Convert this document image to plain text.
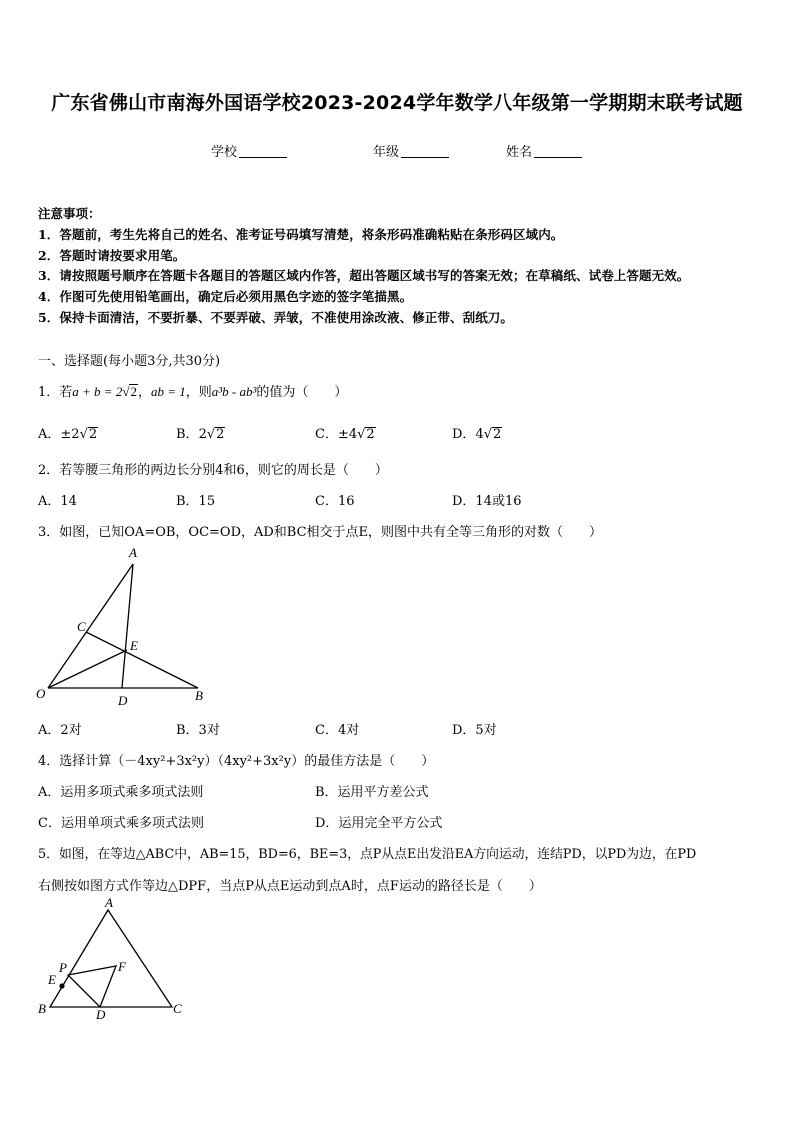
广东省佛山市南海外国语学校2023-2024学年数学八年级第一学期期末联考试题
学校	年级	姓名
注意事项：
1．答题前，考生先将自己的姓名、准考证号码填写清楚，将条形码准确粘贴在条形码区域内。
2．答题时请按要求用笔。
3．请按照题号顺序在答题卡各题目的答题区域内作答，超出答题区域书写的答案无效；在草稿纸、试卷上答题无效。
4．作图可先使用铅笔画出，确定后必须用黑色字迹的签字笔描黑。
5．保持卡面清洁，不要折暴、不要弄破、弄皱，不准使用涂改液、修正带、刮纸刀。
一、选择题(每小题3分,共30分)
1．若a + b = 2√2，ab = 1，则a³b - ab³的值为（　　）
A．±2√2	B．2√2	C．±4√2	D．4√2
2．若等腰三角形的两边长分别4和6，则它的周长是（　　）
A．14	B．15	C．16	D．14或16
3．如图，已知OA=OB，OC=OD，AD和BC相交于点E，则图中共有全等三角形的对数（　　）
A
C
E
O	D	B
A．2对	B．3对	C．4对	D．5对
4．选择计算（－4xy²+3x²y）（4xy²+3x²y）的最佳方法是（　　）
A．运用多项式乘多项式法则	B．运用平方差公式
C．运用单项式乘多项式法则	D．运用完全平方公式
5．如图，在等边△ABC中，AB=15，BD=6，BE=3，点P从点E出发沿EA方向运动，连结PD，以PD为边，在PD
右侧按如图方式作等边△DPF，当点P从点E运动到点A时，点F运动的路径长是（　　）
A
P	F
E
B	D	C
